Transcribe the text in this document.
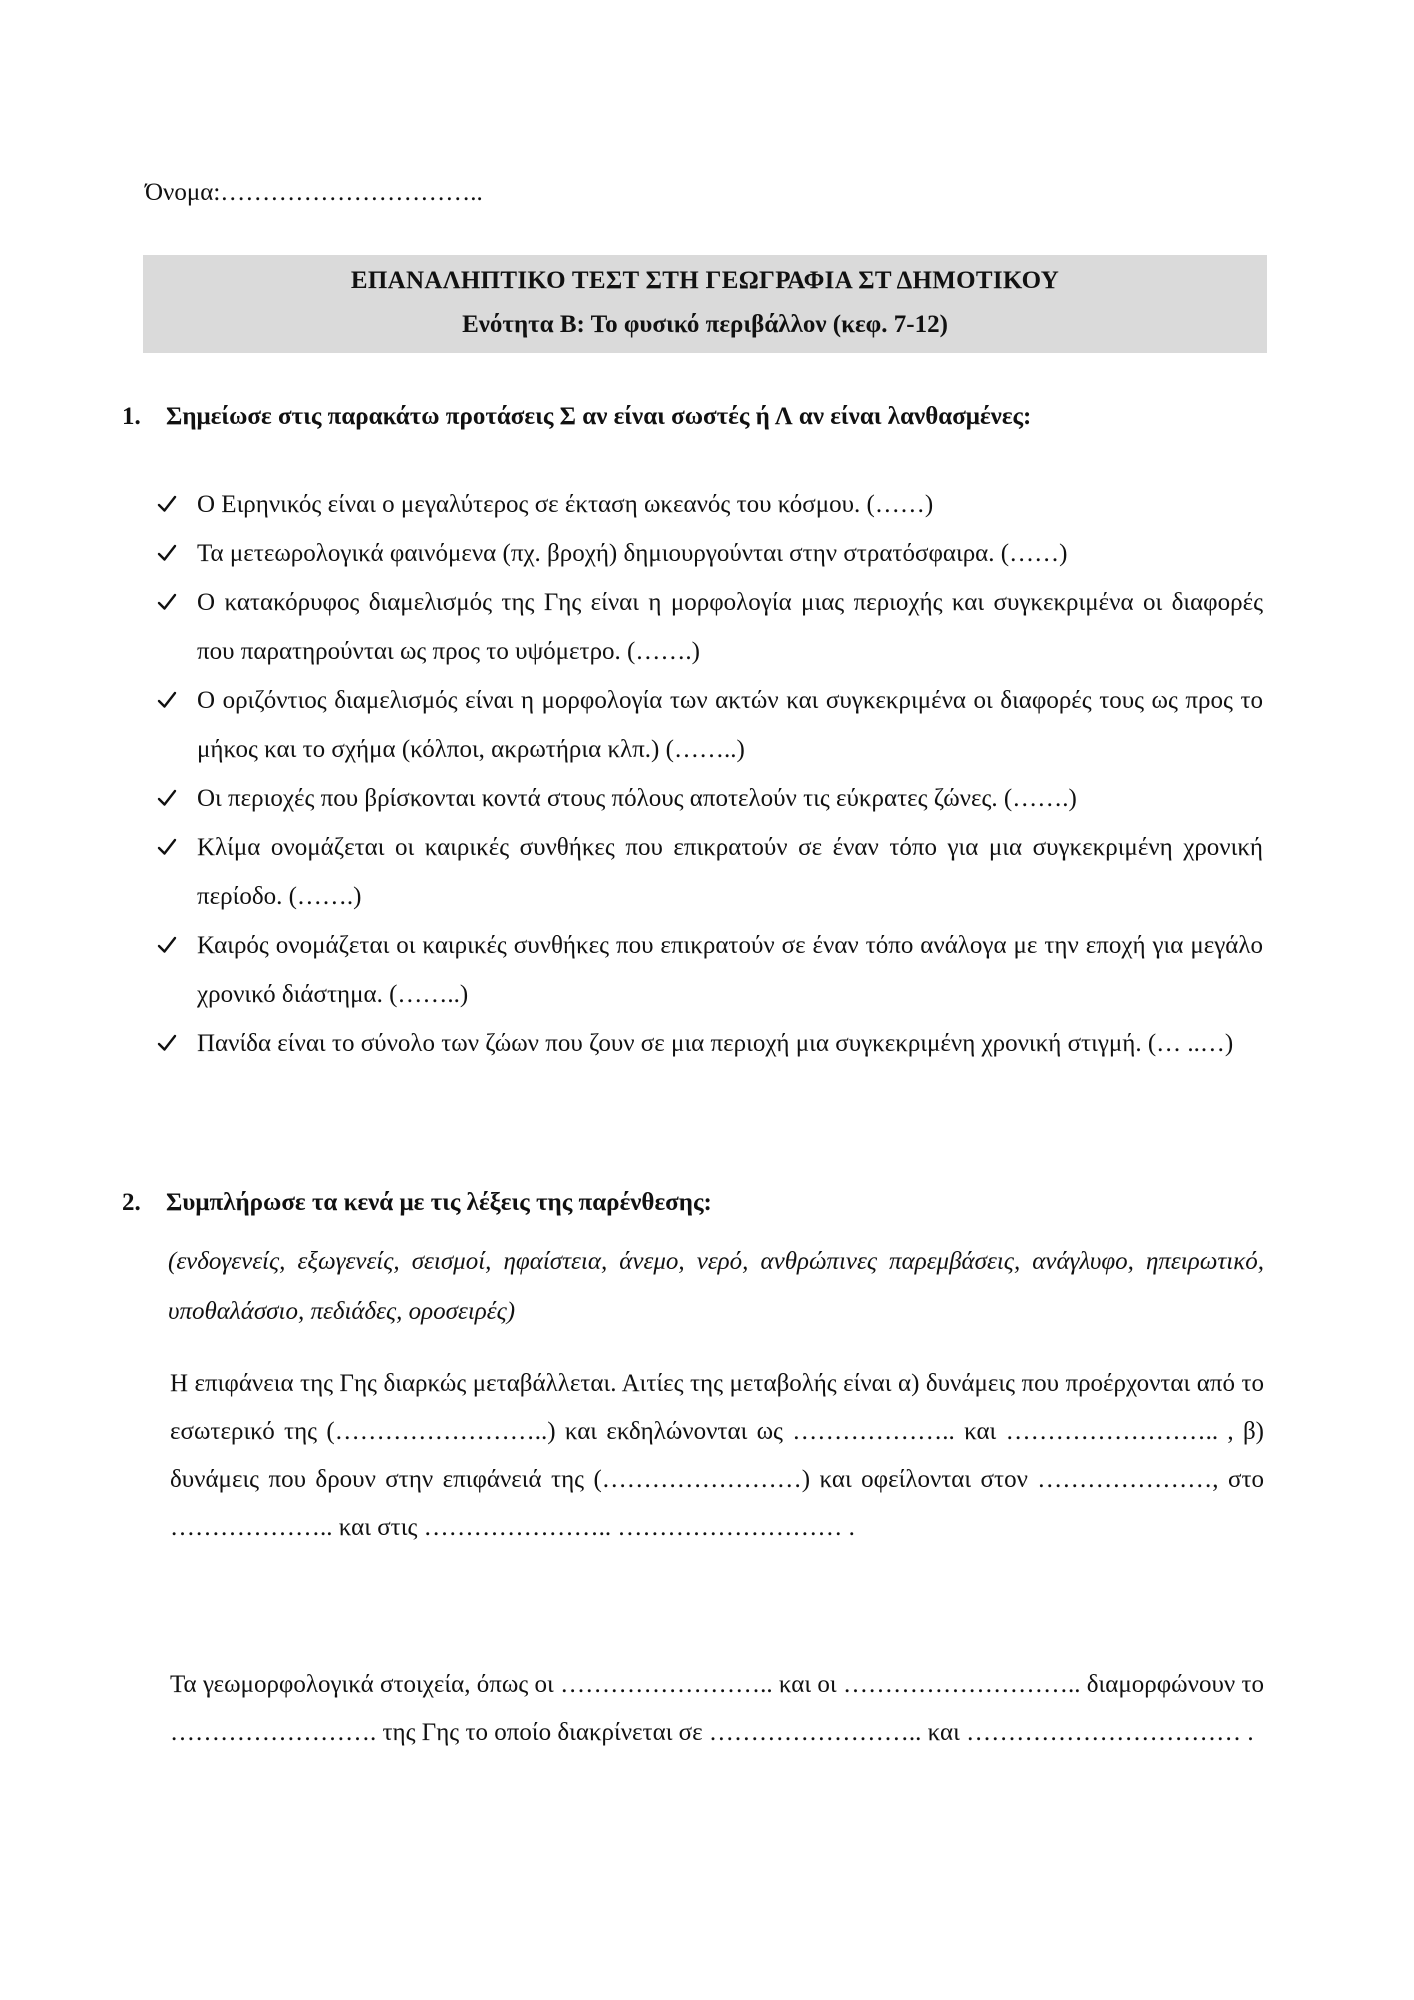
Όνομα:…………………………..
ΕΠΑΝΑΛΗΠΤΙΚΟ ΤΕΣΤ ΣΤΗ ΓΕΩΓΡΑΦΙΑ ΣΤ ΔΗΜΟΤΙΚΟΥ
Ενότητα Β: Το φυσικό περιβάλλον (κεφ. 7-12)
1.	Σημείωσε στις παρακάτω προτάσεις Σ αν είναι σωστές ή Λ αν είναι λανθασμένες:
Ο Ειρηνικός είναι ο μεγαλύτερος σε έκταση ωκεανός του κόσμου. (……)
Τα μετεωρολογικά φαινόμενα (πχ. βροχή) δημιουργούνται στην στρατόσφαιρα. (……)
Ο κατακόρυφος διαμελισμός της Γης είναι η μορφολογία μιας περιοχής και συγκεκριμένα οι διαφορές που παρατηρούνται ως προς το υψόμετρο. (…….)
Ο οριζόντιος διαμελισμός είναι η μορφολογία των ακτών και συγκεκριμένα οι διαφορές τους ως προς το μήκος και το σχήμα (κόλποι, ακρωτήρια κλπ.) (……..)
Οι περιοχές που βρίσκονται κοντά στους πόλους αποτελούν τις εύκρατες ζώνες. (…….)
Κλίμα ονομάζεται οι καιρικές συνθήκες που επικρατούν σε έναν τόπο για μια συγκεκριμένη χρονική περίοδο. (…….)
Καιρός ονομάζεται οι καιρικές συνθήκες που επικρατούν σε έναν τόπο ανάλογα με την εποχή για μεγάλο χρονικό διάστημα. (……..)
Πανίδα είναι το σύνολο των ζώων που ζουν σε μια περιοχή μια συγκεκριμένη χρονική στιγμή. (… ..…)
2.	Συμπλήρωσε τα κενά με τις λέξεις της παρένθεσης:
(ενδογενείς, εξωγενείς, σεισμοί, ηφαίστεια, άνεμο, νερό, ανθρώπινες παρεμβάσεις, ανάγλυφο, ηπειρωτικό, υποθαλάσσιο, πεδιάδες, οροσειρές)
Η επιφάνεια της Γης διαρκώς μεταβάλλεται. Αιτίες της μεταβολής είναι α) δυνάμεις που προέρχονται από το εσωτερικό της (……………………..) και εκδηλώνονται ως ……………….. και …………………….. , β) δυνάμεις που δρουν στην επιφάνειά της (……………………) και οφείλονται στον …………………, στο ……………….. και στις ………………….. ……………………… .
Τα γεωμορφολογικά στοιχεία, όπως οι …………………….. και οι ……………………….. διαμορφώνουν το ……………………. της Γης το οποίο διακρίνεται σε …………………….. και …………………………… .
